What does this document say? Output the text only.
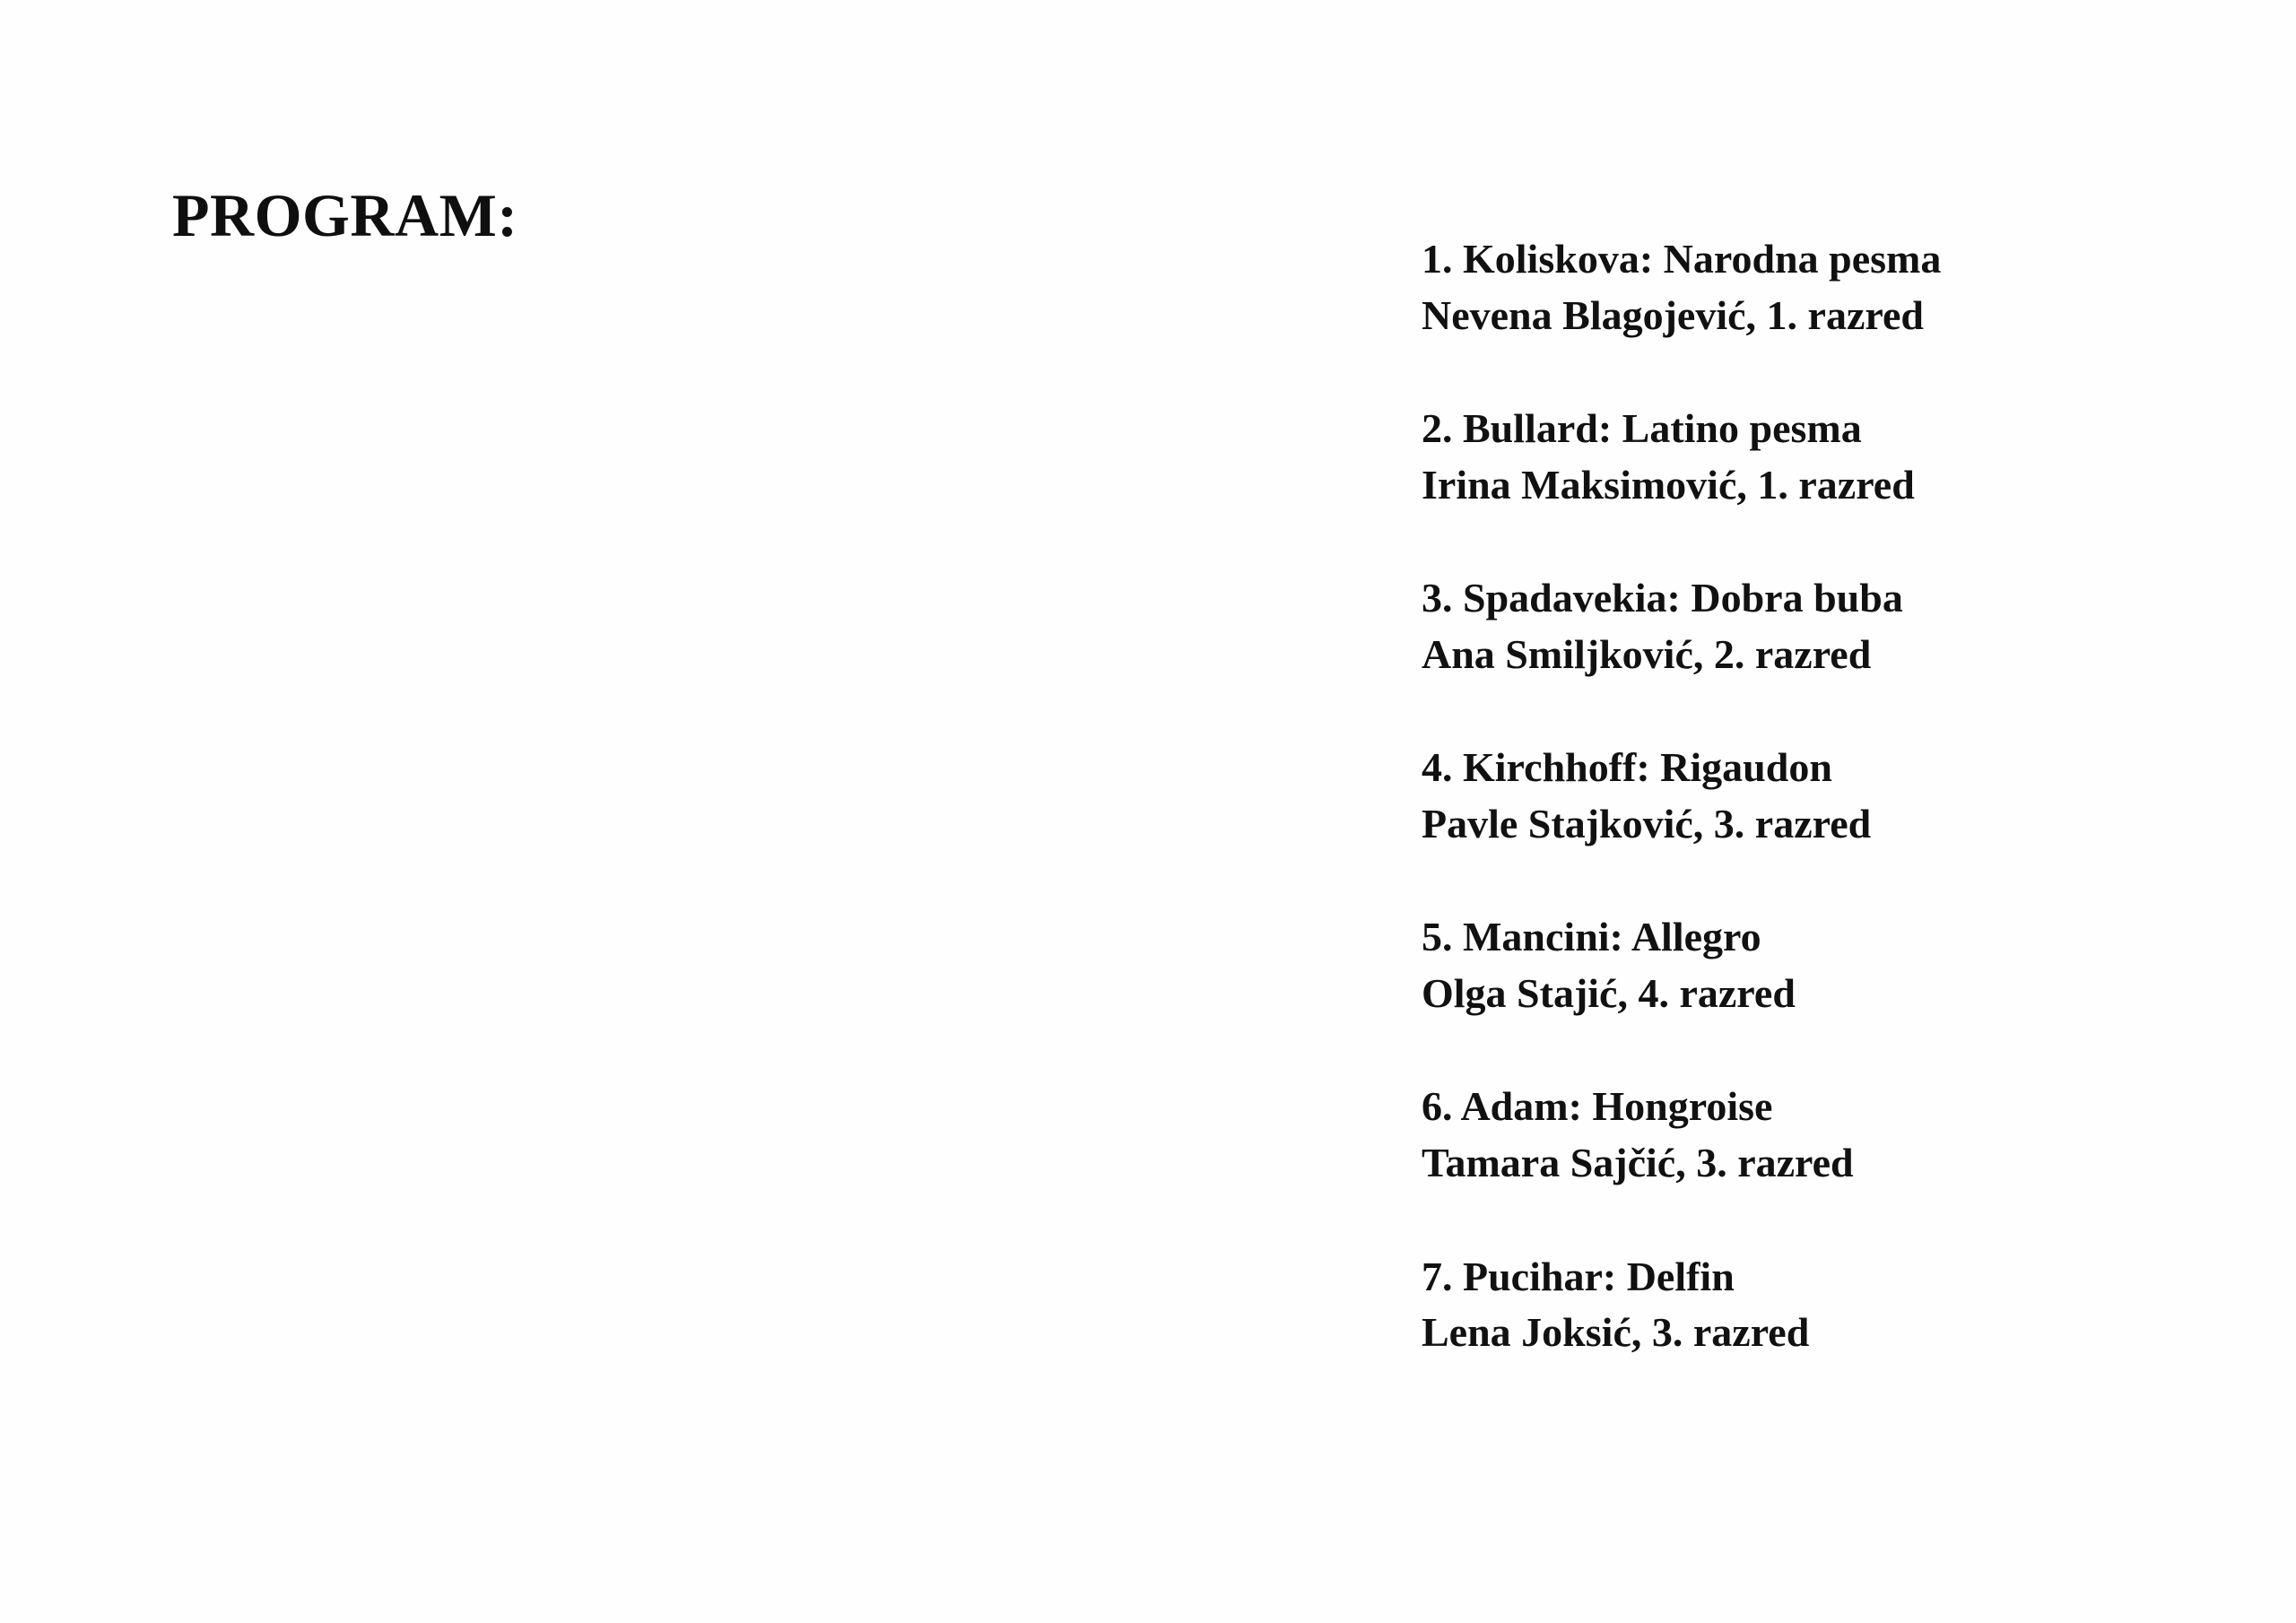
PROGRAM:
1. Koliskova: Narodna pesma
Nevena Blagojević, 1. razred
2. Bullard: Latino pesma
Irina Maksimović, 1. razred
3. Spadavekia: Dobra buba
Ana Smiljković, 2. razred
4. Kirchhoff: Rigaudon
Pavle Stajković, 3. razred
5. Mancini: Allegro
Olga Stajić, 4. razred
6. Adam: Hongroise
Tamara Sajčić, 3. razred
7. Pucihar: Delfin
Lena Joksić, 3. razred
